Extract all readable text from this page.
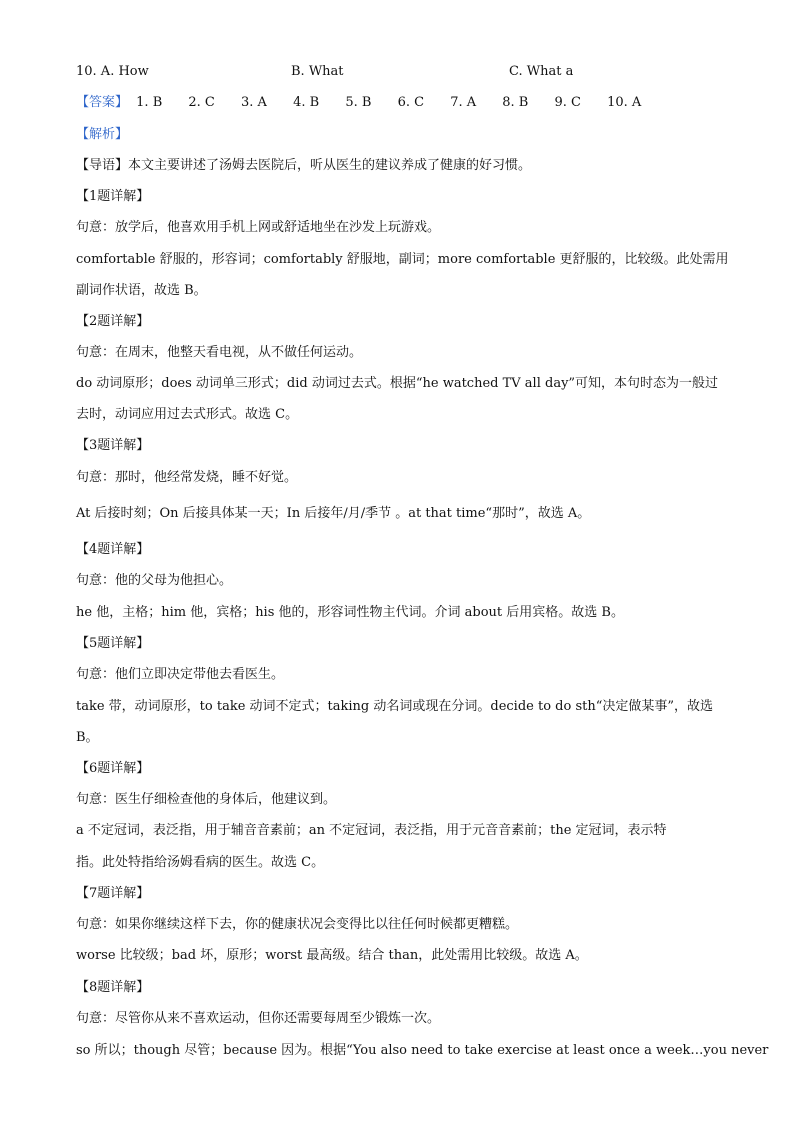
10. A. How	B. What	C. What a
【答案】 1. B 2. C 3. A 4. B 5. B 6. C 7. A 8. B 9. C 10. A
【解析】
【导语】本文主要讲述了汤姆去医院后，听从医生的建议养成了健康的好习惯。
【1题详解】
句意：放学后，他喜欢用手机上网或舒适地坐在沙发上玩游戏。
comfortable 舒服的，形容词；comfortably 舒服地，副词；more comfortable 更舒服的，比较级。此处需用
副词作状语，故选 B。
【2题详解】
句意：在周末，他整天看电视，从不做任何运动。
do 动词原形；does 动词单三形式；did 动词过去式。根据“he watched TV all day”可知，本句时态为一般过
去时，动词应用过去式形式。故选 C。
【3题详解】
句意：那时，他经常发烧，睡不好觉。
At 后接时刻；On 后接具体某一天；In 后接年/月/季节 。at that time“那时”，故选 A。
【4题详解】
句意：他的父母为他担心。
he 他，主格；him 他，宾格；his 他的，形容词性物主代词。介词 about 后用宾格。故选 B。
【5题详解】
句意：他们立即决定带他去看医生。
take 带，动词原形，to take 动词不定式；taking 动名词或现在分词。decide to do sth“决定做某事”，故选
B。
【6题详解】
句意：医生仔细检查他的身体后，他建议到。
a 不定冠词，表泛指，用于辅音音素前；an 不定冠词，表泛指，用于元音音素前；the 定冠词，表示特
指。此处特指给汤姆看病的医生。故选 C。
【7题详解】
句意：如果你继续这样下去，你的健康状况会变得比以往任何时候都更糟糕。
worse 比较级；bad 坏，原形；worst 最高级。结合 than，此处需用比较级。故选 A。
【8题详解】
句意：尽管你从来不喜欢运动，但你还需要每周至少锻炼一次。
so 所以；though 尽管；because 因为。根据“You also need to take exercise at least once a week…you never
